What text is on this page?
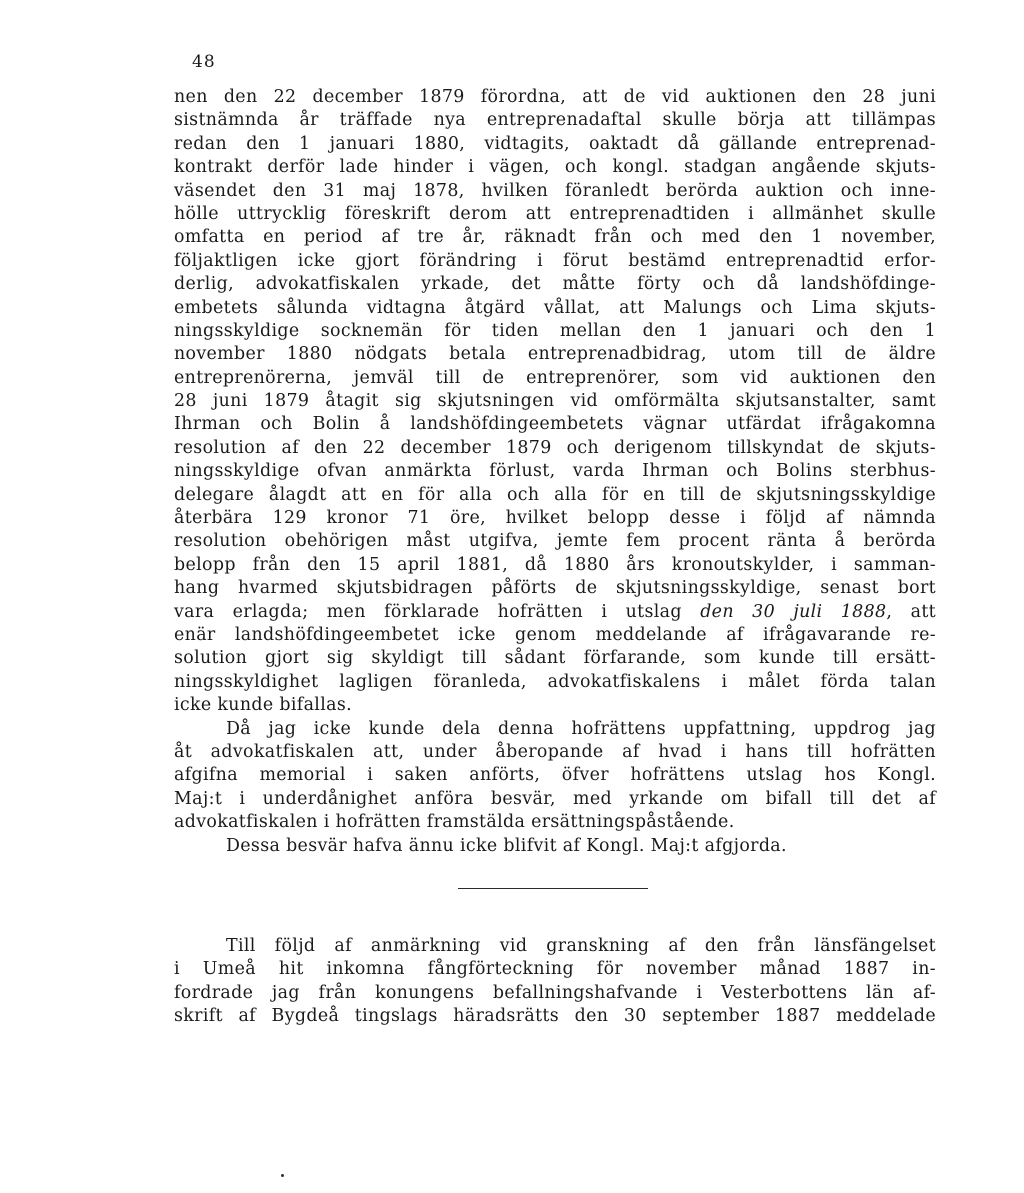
48
nen den 22 december 1879 förordna, att de vid auktionen den 28 juni
sistnämnda år träffade nya entreprenadaftal skulle börja att tillämpas
redan den 1 januari 1880, vidtagits, oaktadt då gällande entreprenad-
kontrakt derför lade hinder i vägen, och kongl. stadgan angående skjuts-
väsendet den 31 maj 1878, hvilken föranledt berörda auktion och inne-
hölle uttrycklig föreskrift derom att entreprenadtiden i allmänhet skulle
omfatta en period af tre år, räknadt från och med den 1 november,
följaktligen icke gjort förändring i förut bestämd entreprenadtid erfor-
derlig, advokatfiskalen yrkade, det måtte förty och då landshöfdinge-
embetets sålunda vidtagna åtgärd vållat, att Malungs och Lima skjuts-
ningsskyldige socknemän för tiden mellan den 1 januari och den 1
november 1880 nödgats betala entreprenadbidrag, utom till de äldre
entreprenörerna, jemväl till de entreprenörer, som vid auktionen den
28 juni 1879 åtagit sig skjutsningen vid omförmälta skjutsanstalter, samt
Ihrman och Bolin å landshöfdingeembetets vägnar utfärdat ifrågakomna
resolution af den 22 december 1879 och derigenom tillskyndat de skjuts-
ningsskyldige ofvan anmärkta förlust, varda Ihrman och Bolins sterbhus-
delegare ålagdt att en för alla och alla för en till de skjutsningsskyldige
återbära 129 kronor 71 öre, hvilket belopp desse i följd af nämnda
resolution obehörigen måst utgifva, jemte fem procent ränta å berörda
belopp från den 15 april 1881, då 1880 års kronoutskylder, i samman-
hang hvarmed skjutsbidragen påförts de skjutsningsskyldige, senast bort
vara erlagda; men förklarade hofrätten i utslag den 30 juli 1888, att
enär landshöfdingeembetet icke genom meddelande af ifrågavarande re-
solution gjort sig skyldigt till sådant förfarande, som kunde till ersätt-
ningsskyldighet lagligen föranleda, advokatfiskalens i målet förda talan
icke kunde bifallas.
Då jag icke kunde dela denna hofrättens uppfattning, uppdrog jag
åt advokatfiskalen att, under åberopande af hvad i hans till hofrätten
afgifna memorial i saken anförts, öfver hofrättens utslag hos Kongl.
Maj:t i underdånighet anföra besvär, med yrkande om bifall till det af
advokatfiskalen i hofrätten framstälda ersättningspåstående.
Dessa besvär hafva ännu icke blifvit af Kongl. Maj:t afgjorda.
Till följd af anmärkning vid granskning af den från länsfängelset
i Umeå hit inkomna fångförteckning för november månad 1887 in-
fordrade jag från konungens befallningshafvande i Vesterbottens län af-
skrift af Bygdeå tingslags häradsrätts den 30 september 1887 meddelade
